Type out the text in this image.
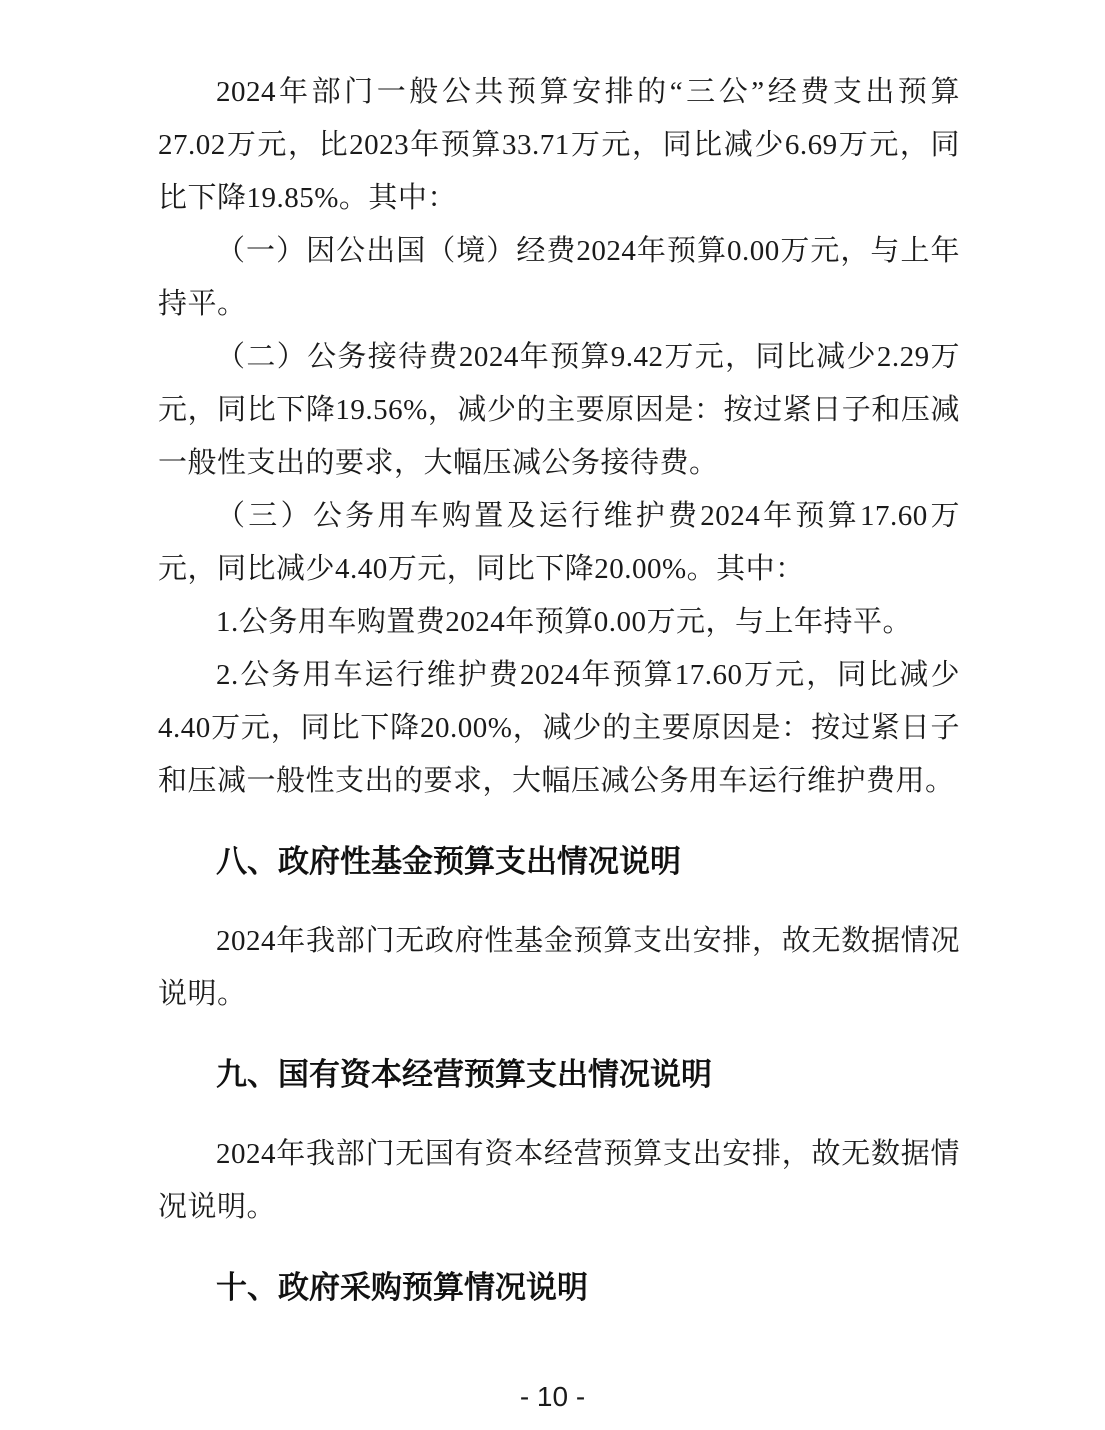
2024年部门一般公共预算安排的“三公”经费支出预算27.02万元，比2023年预算33.71万元，同比减少6.69万元，同比下降19.85%。其中：

（一）因公出国（境）经费2024年预算0.00万元，与上年持平。

（二）公务接待费2024年预算9.42万元，同比减少2.29万元，同比下降19.56%，减少的主要原因是：按过紧日子和压减一般性支出的要求，大幅压减公务接待费。

（三）公务用车购置及运行维护费2024年预算17.60万元，同比减少4.40万元，同比下降20.00%。其中：

1.公务用车购置费2024年预算0.00万元，与上年持平。

2.公务用车运行维护费2024年预算17.60万元，同比减少4.40万元，同比下降20.00%，减少的主要原因是：按过紧日子和压减一般性支出的要求，大幅压减公务用车运行维护费用。

八、政府性基金预算支出情况说明

2024年我部门无政府性基金预算支出安排，故无数据情况说明。

九、国有资本经营预算支出情况说明

2024年我部门无国有资本经营预算支出安排，故无数据情况说明。

十、政府采购预算情况说明
- 10 -
